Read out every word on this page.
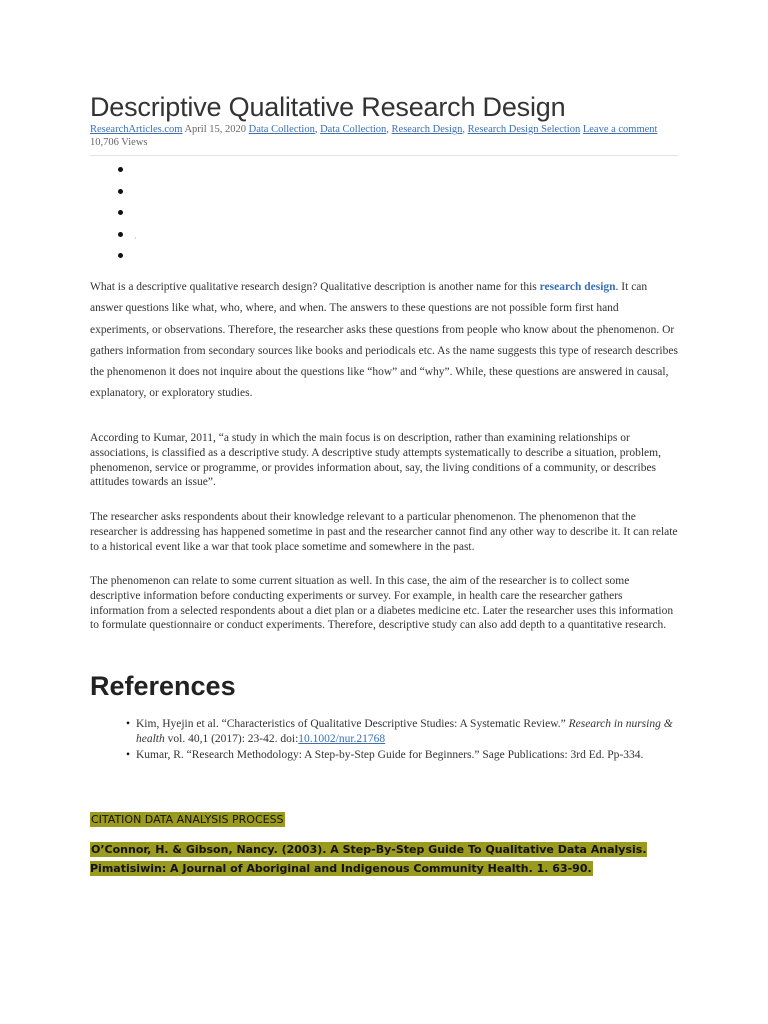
Descriptive Qualitative Research Design
ResearchArticles.com April 15, 2020 Data Collection, Data Collection, Research Design, Research Design Selection Leave a comment 10,706 Views
·

What is a descriptive qualitative research design? Qualitative description is another name for this research design. It can answer questions like what, who, where, and when. The answers to these questions are not possible form first hand experiments, or observations. Therefore, the researcher asks these questions from people who know about the phenomenon. Or gathers information from secondary sources like books and periodicals etc. As the name suggests this type of research describes the phenomenon it does not inquire about the questions like “how” and “why”. While, these questions are answered in causal, explanatory, or exploratory studies.

According to Kumar, 2011, “a study in which the main focus is on description, rather than examining relationships or associations, is classified as a descriptive study. A descriptive study attempts systematically to describe a situation, problem, phenomenon, service or programme, or provides information about, say, the living conditions of a community, or describes attitudes towards an issue”.

The researcher asks respondents about their knowledge relevant to a particular phenomenon. The phenomenon that the researcher is addressing has happened sometime in past and the researcher cannot find any other way to describe it. It can relate to a historical event like a war that took place sometime and somewhere in the past.

The phenomenon can relate to some current situation as well. In this case, the aim of the researcher is to collect some descriptive information before conducting experiments or survey. For example, in health care the researcher gathers information from a selected respondents about a diet plan or a diabetes medicine etc. Later the researcher uses this information to formulate questionnaire or conduct experiments. Therefore, descriptive study can also add depth to a quantitative research.

References
• Kim, Hyejin et al. “Characteristics of Qualitative Descriptive Studies: A Systematic Review.” Research in nursing & health vol. 40,1 (2017): 23-42. doi:10.1002/nur.21768
• Kumar, R. “Research Methodology: A Step-by-Step Guide for Beginners.” Sage Publications: 3rd Ed. Pp-334.

CITATION DATA ANALYSIS PROCESS

O’Connor, H. & Gibson, Nancy. (2003). A Step-By-Step Guide To Qualitative Data Analysis. Pimatisiwin: A Journal of Aboriginal and Indigenous Community Health. 1. 63-90.
